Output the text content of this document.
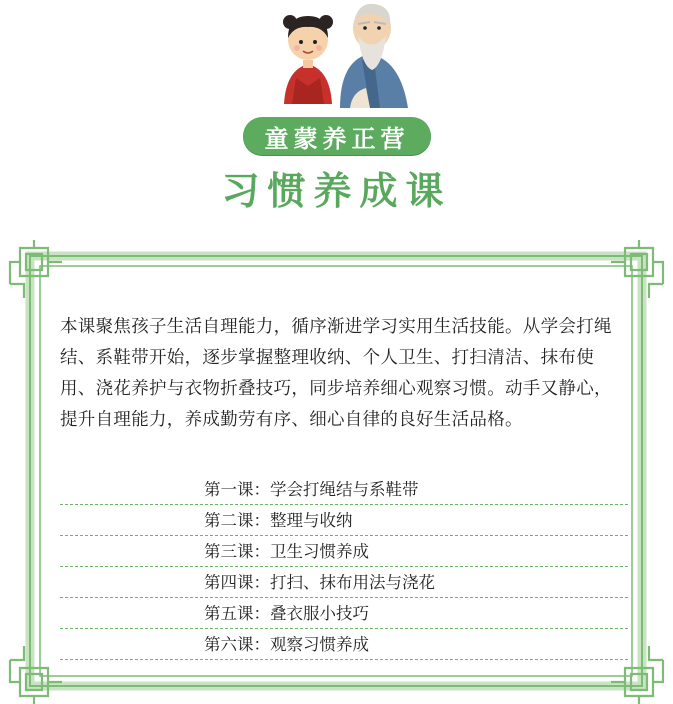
童蒙养正营
习惯养成课

本课聚焦孩子生活自理能力，循序渐进学习实用生活技能。从学会打绳结、系鞋带开始，逐步掌握整理收纳、个人卫生、打扫清洁、抹布使用、浇花养护与衣物折叠技巧，同步培养细心观察习惯。动手又静心，提升自理能力，养成勤劳有序、细心自律的良好生活品格。

第一课：学会打绳结与系鞋带
第二课：整理与收纳
第三课：卫生习惯养成
第四课：打扫、抹布用法与浇花
第五课：叠衣服小技巧
第六课：观察习惯养成
